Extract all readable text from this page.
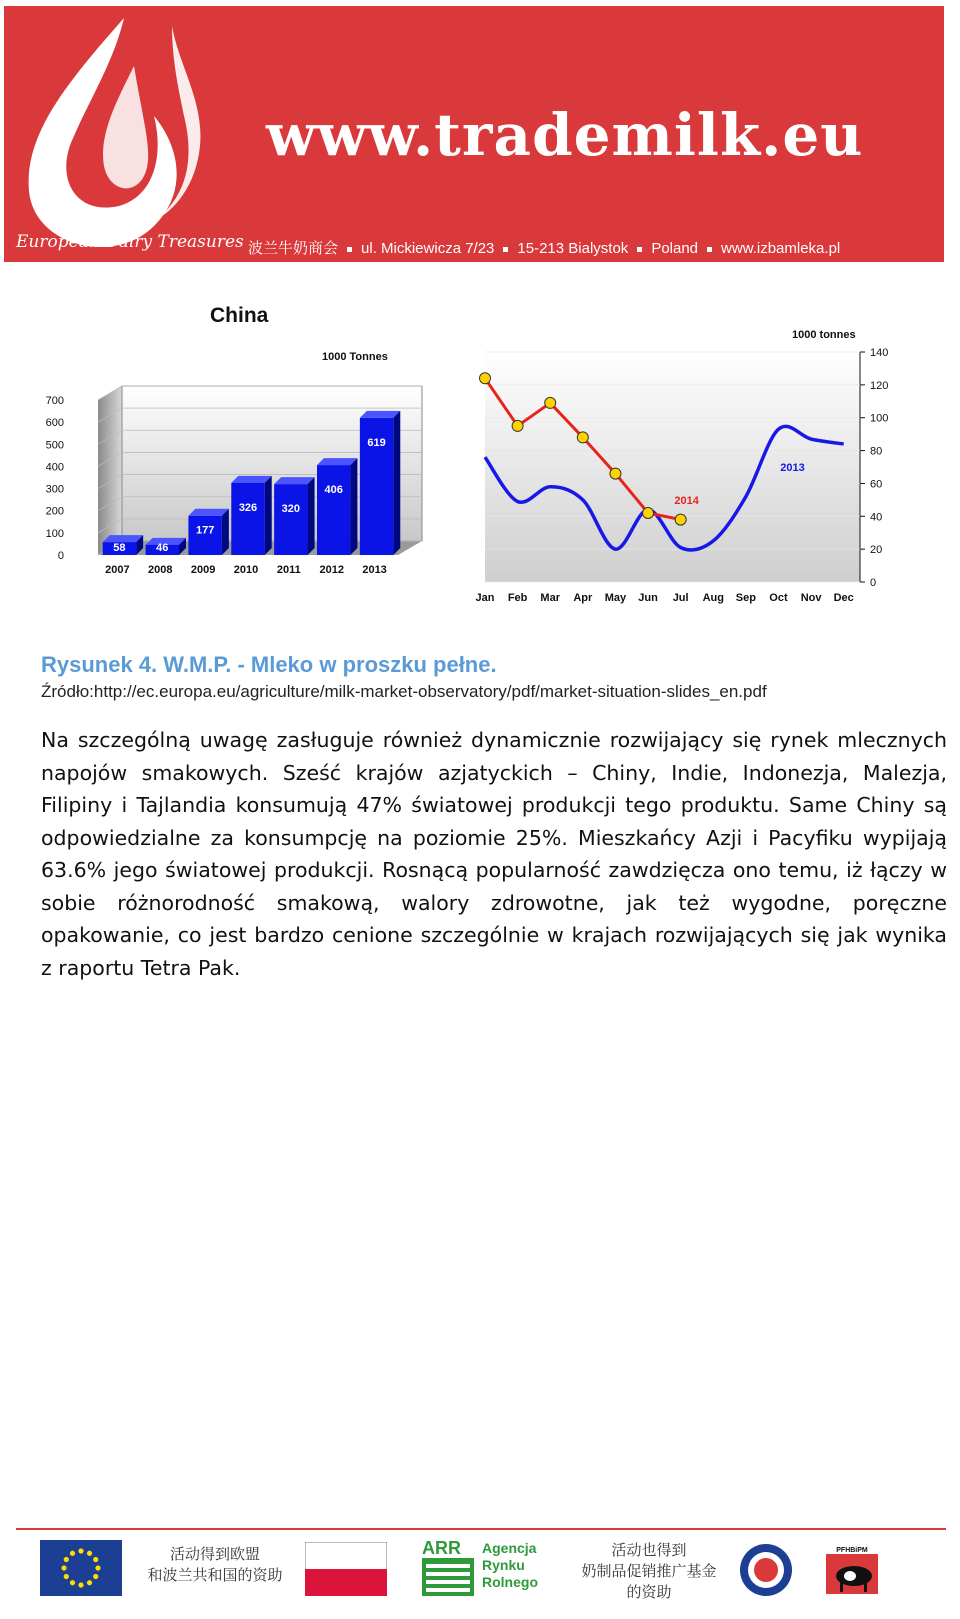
www.trademilk.eu
European Dairy Treasures 波兰牛奶商会 ul. Mickiewicza 7/23 15-213 Bialystok Poland www.izbamleka.pl
China
1000 Tonnes
0
100
200
300
400
500
600
700
58
2007
46
2008
177
2009
326
2010
320
2011
406
2012
619
2013
1000 tonnes
0
20
40
60
80
100
120
140
Jan Feb Mar Apr May Jun Jul Aug Sep Oct Nov Dec
2013
2014
Rysunek 4. W.M.P. - Mleko w proszku pełne.
Źródło:http://ec.europa.eu/agriculture/milk-market-observatory/pdf/market-situation-slides_en.pdf
Na szczególną uwagę zasługuje również dynamicznie rozwijający się rynek mlecznych napojów smakowych. Sześć krajów azjatyckich – Chiny, Indie, Indonezja, Malezja, Filipiny i Tajlandia konsumują 47% światowej produkcji tego produktu. Same Chiny są odpowiedzialne za konsumpcję na poziomie 25%. Mieszkańcy Azji i Pacyfiku wypijają 63.6% jego światowej produkcji. Rosnącą popularność zawdzięcza ono temu, iż łączy w sobie różnorodność smakową, walory zdrowotne, jak też wygodne, poręczne opakowanie, co jest bardzo cenione szczególnie w krajach rozwijających się jak wynika z raportu Tetra Pak.
活动得到欧盟
和波兰共和国的资助
ARR Agencja
Rynku
Rolnego
活动也得到
奶制品促销推广基金
的资助
PFHBiPM
